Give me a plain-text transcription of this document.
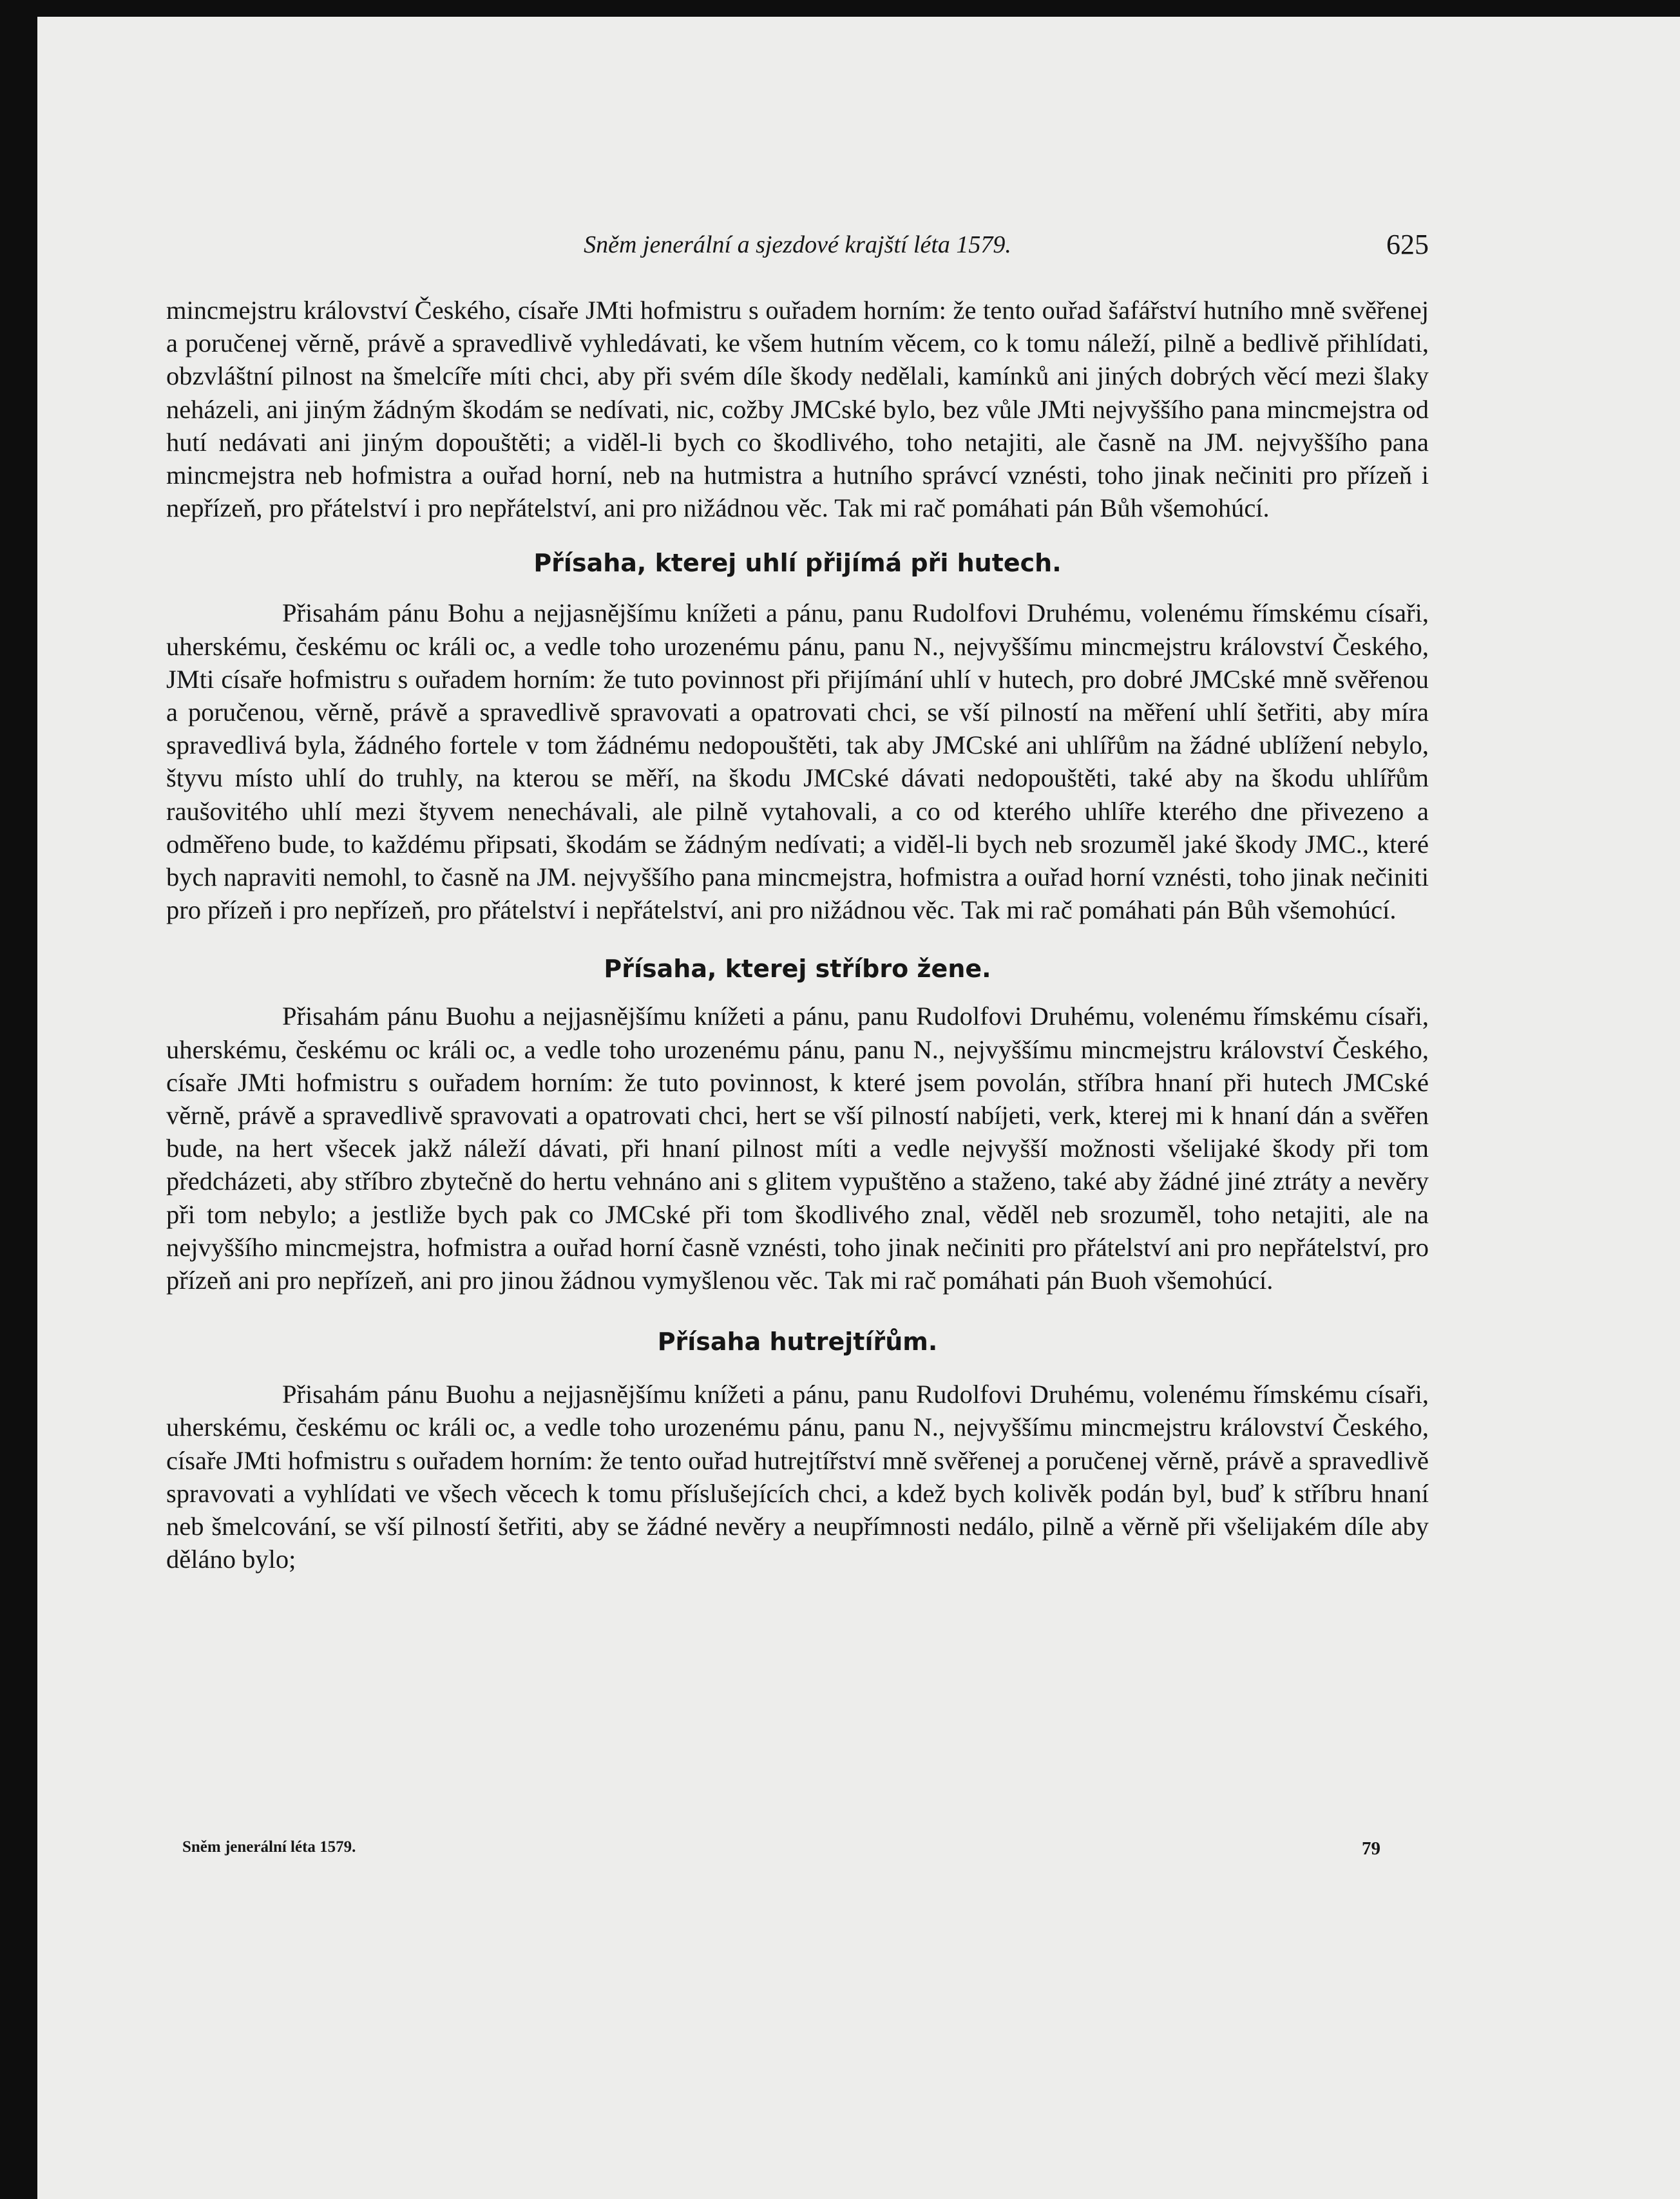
Sněm jenerální a sjezdové krajští léta 1579.	625

mincmejstru království Českého, císaře JMti hofmistru s ouřadem horním: že tento ouřad šafářství hutního mně svěřenej a poručenej věrně, právě a spravedlivě vyhledávati, ke všem hutním věcem, co k tomu náleží, pilně a bedlivě přihlídati, obzvláštní pilnost na šmelcíře míti chci, aby při svém díle škody nedělali, kamínků ani jiných dobrých věcí mezi šlaky neházeli, ani jiným žádným škodám se nedívati, nic, cožby JMCské bylo, bez vůle JMti nejvyššího pana mincmejstra od hutí nedávati ani jiným dopouštěti; a viděl-li bych co škodlivého, toho netajiti, ale časně na JM. nejvyššího pana mincmejstra neb hofmistra a ouřad horní, neb na hutmistra a hutního správcí vznésti, toho jinak nečiniti pro přízeň i nepřízeň, pro přátelství i pro nepřátelství, ani pro nižádnou věc. Tak mi rač pomáhati pán Bůh všemohúcí.

Přísaha, kterej uhlí přijímá při hutech.

Přisahám pánu Bohu a nejjasnějšímu knížeti a pánu, panu Rudolfovi Druhému, volenému římskému císaři, uherskému, českému oc králi oc, a vedle toho urozenému pánu, panu N., nejvyššímu mincmejstru království Českého, JMti císaře hofmistru s ouřadem horním: že tuto povinnost při přijímání uhlí v hutech, pro dobré JMCské mně svěřenou a poručenou, věrně, právě a spravedlivě spravovati a opatrovati chci, se vší pilností na měření uhlí šetřiti, aby míra spravedlivá byla, žádného fortele v tom žádnému nedopouštěti, tak aby JMCské ani uhlířům na žádné ublížení nebylo, štyvu místo uhlí do truhly, na kterou se měří, na škodu JMCské dávati nedopouštěti, také aby na škodu uhlířům raušovitého uhlí mezi štyvem nenechávali, ale pilně vytahovali, a co od kterého uhlíře kterého dne přivezeno a odměřeno bude, to každému připsati, škodám se žádným nedívati; a viděl-li bych neb srozuměl jaké škody JMC., které bych napraviti nemohl, to časně na JM. nejvyššího pana mincmejstra, hofmistra a ouřad horní vznésti, toho jinak nečiniti pro přízeň i pro nepřízeň, pro přátelství i nepřátelství, ani pro nižádnou věc. Tak mi rač pomáhati pán Bůh všemohúcí.

Přísaha, kterej stříbro žene.

Přisahám pánu Buohu a nejjasnějšímu knížeti a pánu, panu Rudolfovi Druhému, volenému římskému císaři, uherskému, českému oc králi oc, a vedle toho urozenému pánu, panu N., nejvyššímu mincmejstru království Českého, císaře JMti hofmistru s ouřadem horním: že tuto povinnost, k které jsem povolán, stříbra hnaní při hutech JMCské věrně, právě a spravedlivě spravovati a opatrovati chci, hert se vší pilností nabíjeti, verk, kterej mi k hnaní dán a svěřen bude, na hert všecek jakž náleží dávati, při hnaní pilnost míti a vedle nejvyšší možnosti všelijaké škody při tom předcházeti, aby stříbro zbytečně do hertu vehnáno ani s glitem vypuštěno a staženo, také aby žádné jiné ztráty a nevěry při tom nebylo; a jestliže bych pak co JMCské při tom škodlivého znal, věděl neb srozuměl, toho netajiti, ale na nejvyššího mincmejstra, hofmistra a ouřad horní časně vznésti, toho jinak nečiniti pro přátelství ani pro nepřátelství, pro přízeň ani pro nepřízeň, ani pro jinou žádnou vymyšlenou věc. Tak mi rač pomáhati pán Buoh všemohúcí.

Přísaha hutrejtířům.

Přisahám pánu Buohu a nejjasnějšímu knížeti a pánu, panu Rudolfovi Druhému, volenému římskému císaři, uherskému, českému oc králi oc, a vedle toho urozenému pánu, panu N., nejvyššímu mincmejstru království Českého, císaře JMti hofmistru s ouřadem horním: že tento ouřad hutrejtířství mně svěřenej a poručenej věrně, právě a spravedlivě spravovati a vyhlídati ve všech věcech k tomu příslušejících chci, a kdež bych kolivěk podán byl, buď k stříbru hnaní neb šmelcování, se vší pilností šetřiti, aby se žádné nevěry a neupřímnosti nedálo, pilně a věrně při všelijakém díle aby děláno bylo;

Sněm jenerální léta 1579.	79
